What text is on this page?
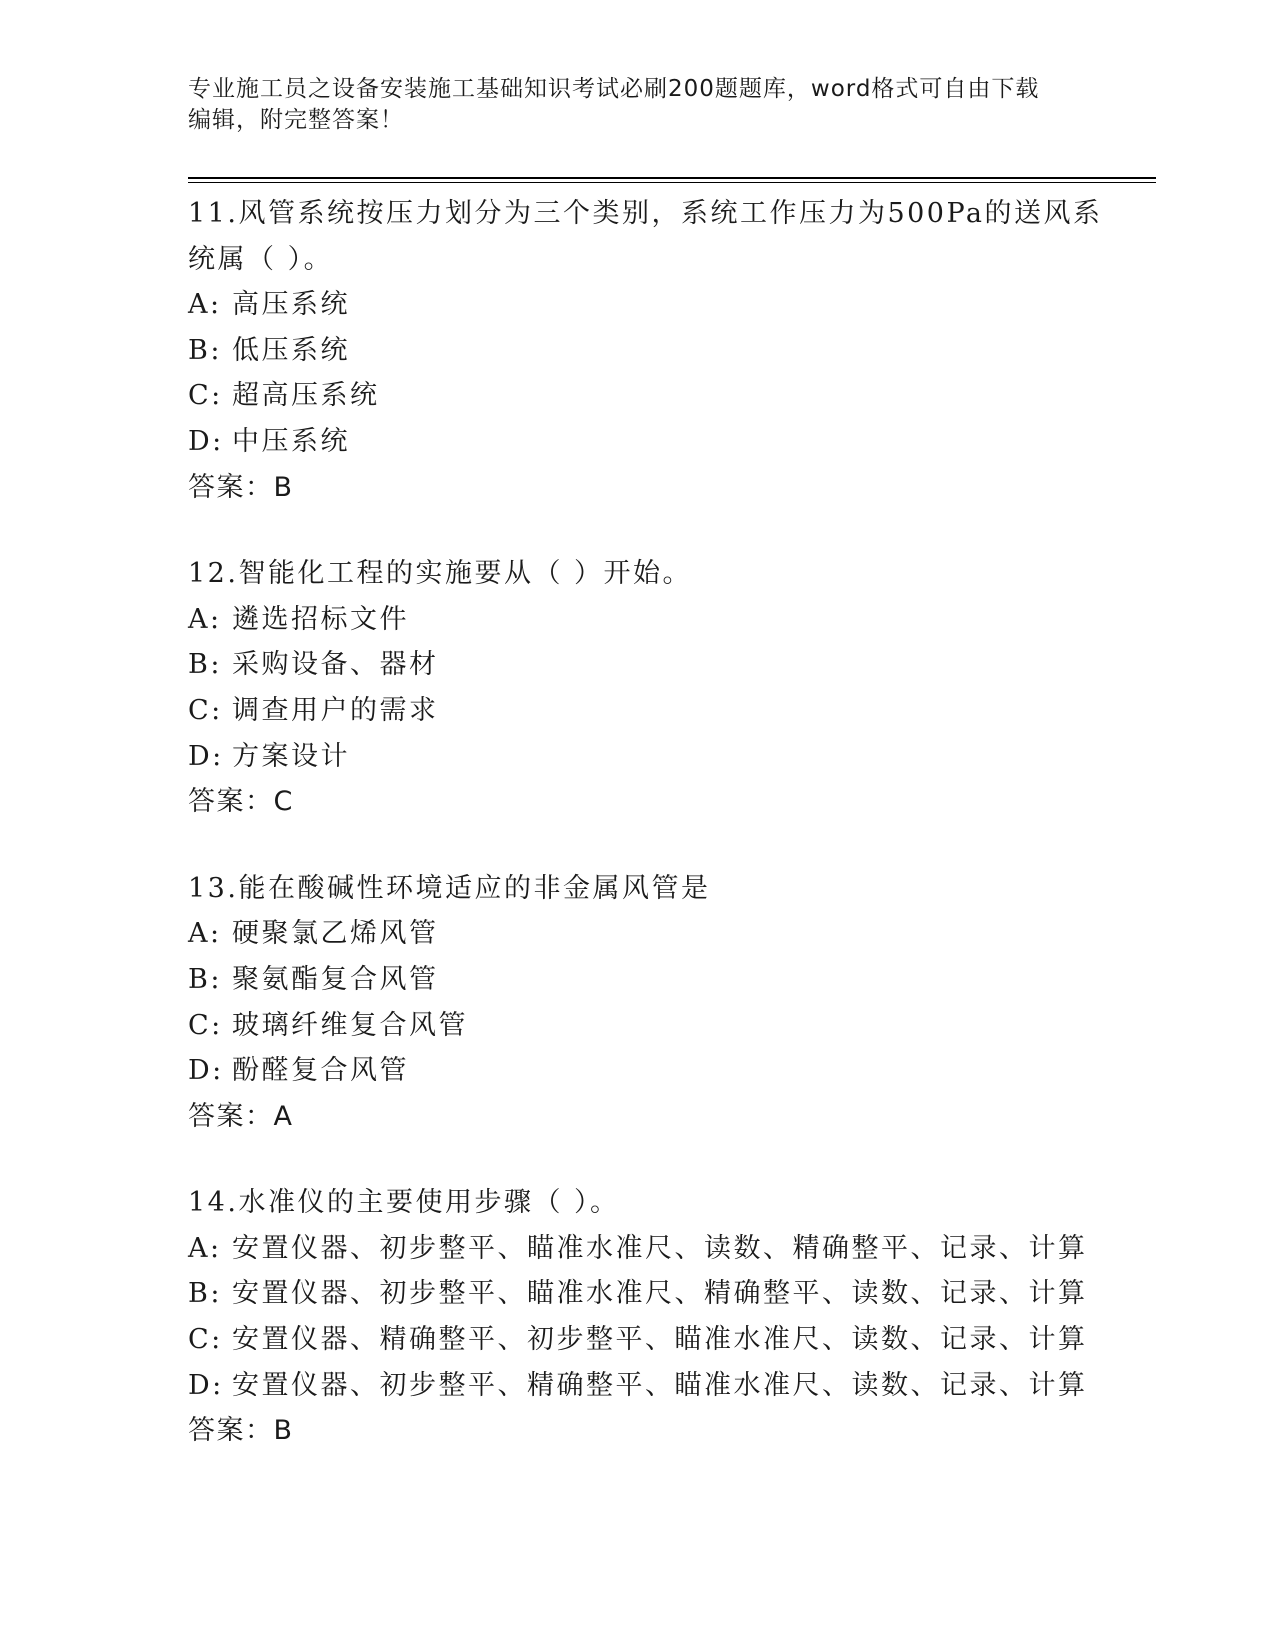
专业施工员之设备安装施工基础知识考试必刷200题题库，word格式可自由下载
编辑，附完整答案！
11.风管系统按压力划分为三个类别，系统工作压力为500Pa的送风系
统属（ ）。
A: 高压系统
B: 低压系统
C: 超高压系统
D: 中压系统
答案：B
12.智能化工程的实施要从（ ）开始。
A: 遴选招标文件
B: 采购设备、器材
C: 调查用户的需求
D: 方案设计
答案：C
13.能在酸碱性环境适应的非金属风管是
A: 硬聚氯乙烯风管
B: 聚氨酯复合风管
C: 玻璃纤维复合风管
D: 酚醛复合风管
答案：A
14.水准仪的主要使用步骤（ ）。
A: 安置仪器、初步整平、瞄准水准尺、读数、精确整平、记录、计算
B: 安置仪器、初步整平、瞄准水准尺、精确整平、读数、记录、计算
C: 安置仪器、精确整平、初步整平、瞄准水准尺、读数、记录、计算
D: 安置仪器、初步整平、精确整平、瞄准水准尺、读数、记录、计算
答案：B
